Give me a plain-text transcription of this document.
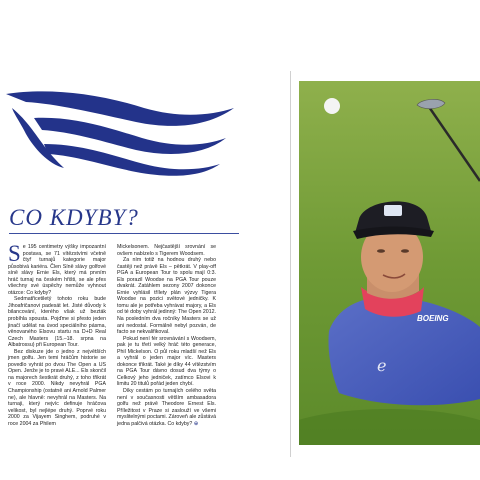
CO KDYBY?

Se 195 centimetry výšky impozantní postava, se 71 vítězstvími včetně čtyř turnajů kategorie major působivá kariéra. Člen Síně slávy golfové síně slávy Ernie Els, který má prvním hráč turnaj na českém hřišti, se ale přes všechny své úspěchy nemůže vyhnout otázce: Co kdyby?

Sedmatřicetiletý tohoto roku bude Jihoafričanovi padesát let. Jisté důvody k bilancování, kterého však už bezták probíhla spousta. Pojďme si přesto jeden jinačí udělat na úvod speciálního pásma, věnovaného Elsovu startu na D+D Real Czech Masters (15.–18. srpna na Albatrossu) při European Tour.

Bez diskuze jde o jedno z největších jmen golfu. Jen temi hráčům historie se povedlo vyhrát po dvou The Open a US Open. Jenže je to pravé ALE... Els skončil na majorech šestkrát druhý, z toho třikrát v roce 2000. Nikdy nevyhrál PGA Championship (ostatně ani Arnold Palmer ne), ale hlavně: nevyhrál na Masters. Na turnaji, který nejvíc definuje hráčova velikost, byl nejlépe druhý. Poprvé roku 2000 za Vijayem Singhem, podruhé v roce 2004 za Philem

Mickelsonem. Nejčastější srovnání se ovšem nabízelo s Tigerem Woodsem.

Za ním totiž na hodnou druhý nebo častěji než právě Els – pětkrát. V play-off PGA a European Tour to spolu mají 0:3. Els porazil Woodse na PGA Tour pouze dvakrát. Zatáhlem sezony 2007 dokonce Ernie vyhlásil třílety plán výzvy Tigera Woodse na pozici světové jedničky. K tomu ale je potřeba vyhrávat majory, a Els od té doby vyhrál jedinný: The Open 2012. Na posledním dva ročníky Masters se už ani nedostal. Formálně nebyl pozván, de facto se nekvalifikoval.

Pokud není fér srovnávání s Woodsem, pak je tu třetí velký hráč této generace, Phil Mickelson. O půl roku mladší než Els a vyhrál o jeden major víc. Masters dokonce třikrát. Také je díky 44 vítězstvím na PGA Tour dávno dosud dva týmy o Celkový jeho jedniček, zatímco Elsovi k limitu 20 titulů pořád jeden chybí.

Díky cestám po turnajích celého světa není v současnosti větším ambasadora golfu než právě Theodore Ernest Els. Příležitost v Praze si zaslouží ve všemi myslitelnými poctami. Zároveň ale zůstává jedna palčivá otázka. Co kdyby? ⊕

BOEING
ℯ
